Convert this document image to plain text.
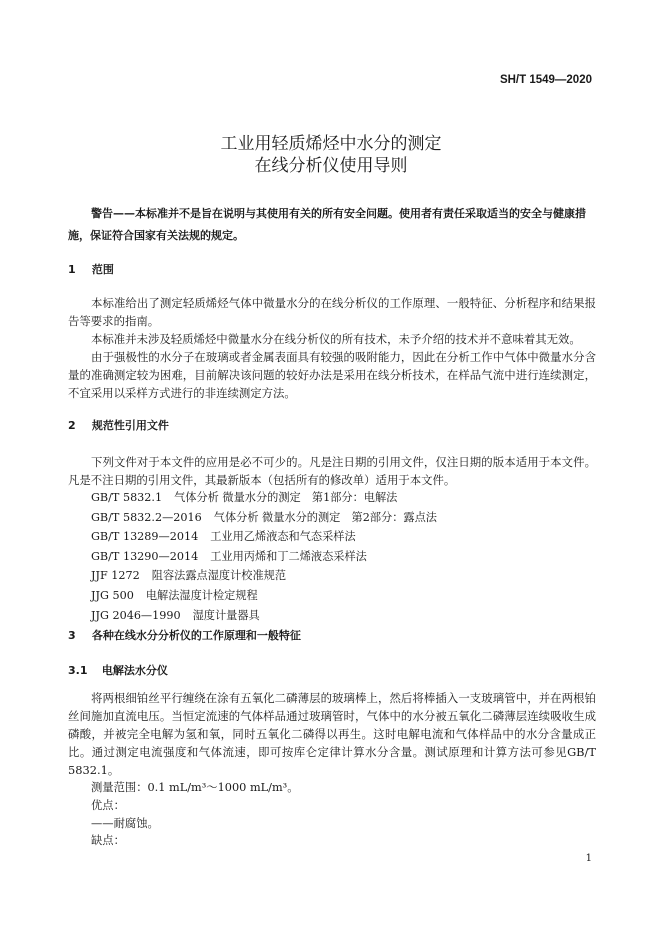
SH/T 1549—2020
工业用轻质烯烃中水分的测定
在线分析仪使用导则

警告——本标准并不是旨在说明与其使用有关的所有安全问题。使用者有责任采取适当的安全与健康措施，保证符合国家有关法规的规定。

1 范围

本标准给出了测定轻质烯烃气体中微量水分的在线分析仪的工作原理、一般特征、分析程序和结果报告等要求的指南。

本标准并未涉及轻质烯烃中微量水分在线分析仪的所有技术，未予介绍的技术并不意味着其无效。

由于强极性的水分子在玻璃或者金属表面具有较强的吸附能力，因此在分析工作中气体中微量水分含量的准确测定较为困难，目前解决该问题的较好办法是采用在线分析技术，在样品气流中进行连续测定，不宜采用以采样方式进行的非连续测定方法。

2 规范性引用文件

下列文件对于本文件的应用是必不可少的。凡是注日期的引用文件，仅注日期的版本适用于本文件。凡是不注日期的引用文件，其最新版本（包括所有的修改单）适用于本文件。

GB/T 5832.1 气体分析 微量水分的测定　第1部分：电解法
GB/T 5832.2—2016 气体分析 微量水分的测定　第2部分：露点法
GB/T 13289—2014 工业用乙烯液态和气态采样法
GB/T 13290—2014 工业用丙烯和丁二烯液态采样法
JJF 1272 阻容法露点湿度计校准规范
JJG 500 电解法湿度计检定规程
JJG 2046—1990 湿度计量器具
3 各种在线水分分析仪的工作原理和一般特征
3.1 电解法水分仪

将两根细铂丝平行缠绕在涂有五氧化二磷薄层的玻璃棒上，然后将棒插入一支玻璃管中，并在两根铂丝间施加直流电压。当恒定流速的气体样品通过玻璃管时，气体中的水分被五氧化二磷薄层连续吸收生成磷酸，并被完全电解为氢和氧，同时五氧化二磷得以再生。这时电解电流和气体样品中的水分含量成正比。通过测定电流强度和气体流速，即可按库仑定律计算水分含量。测试原理和计算方法可参见GB/T 5832.1。

测量范围：0.1 mL/m³～1000 mL/m³。
优点：
——耐腐蚀。
缺点：
1
